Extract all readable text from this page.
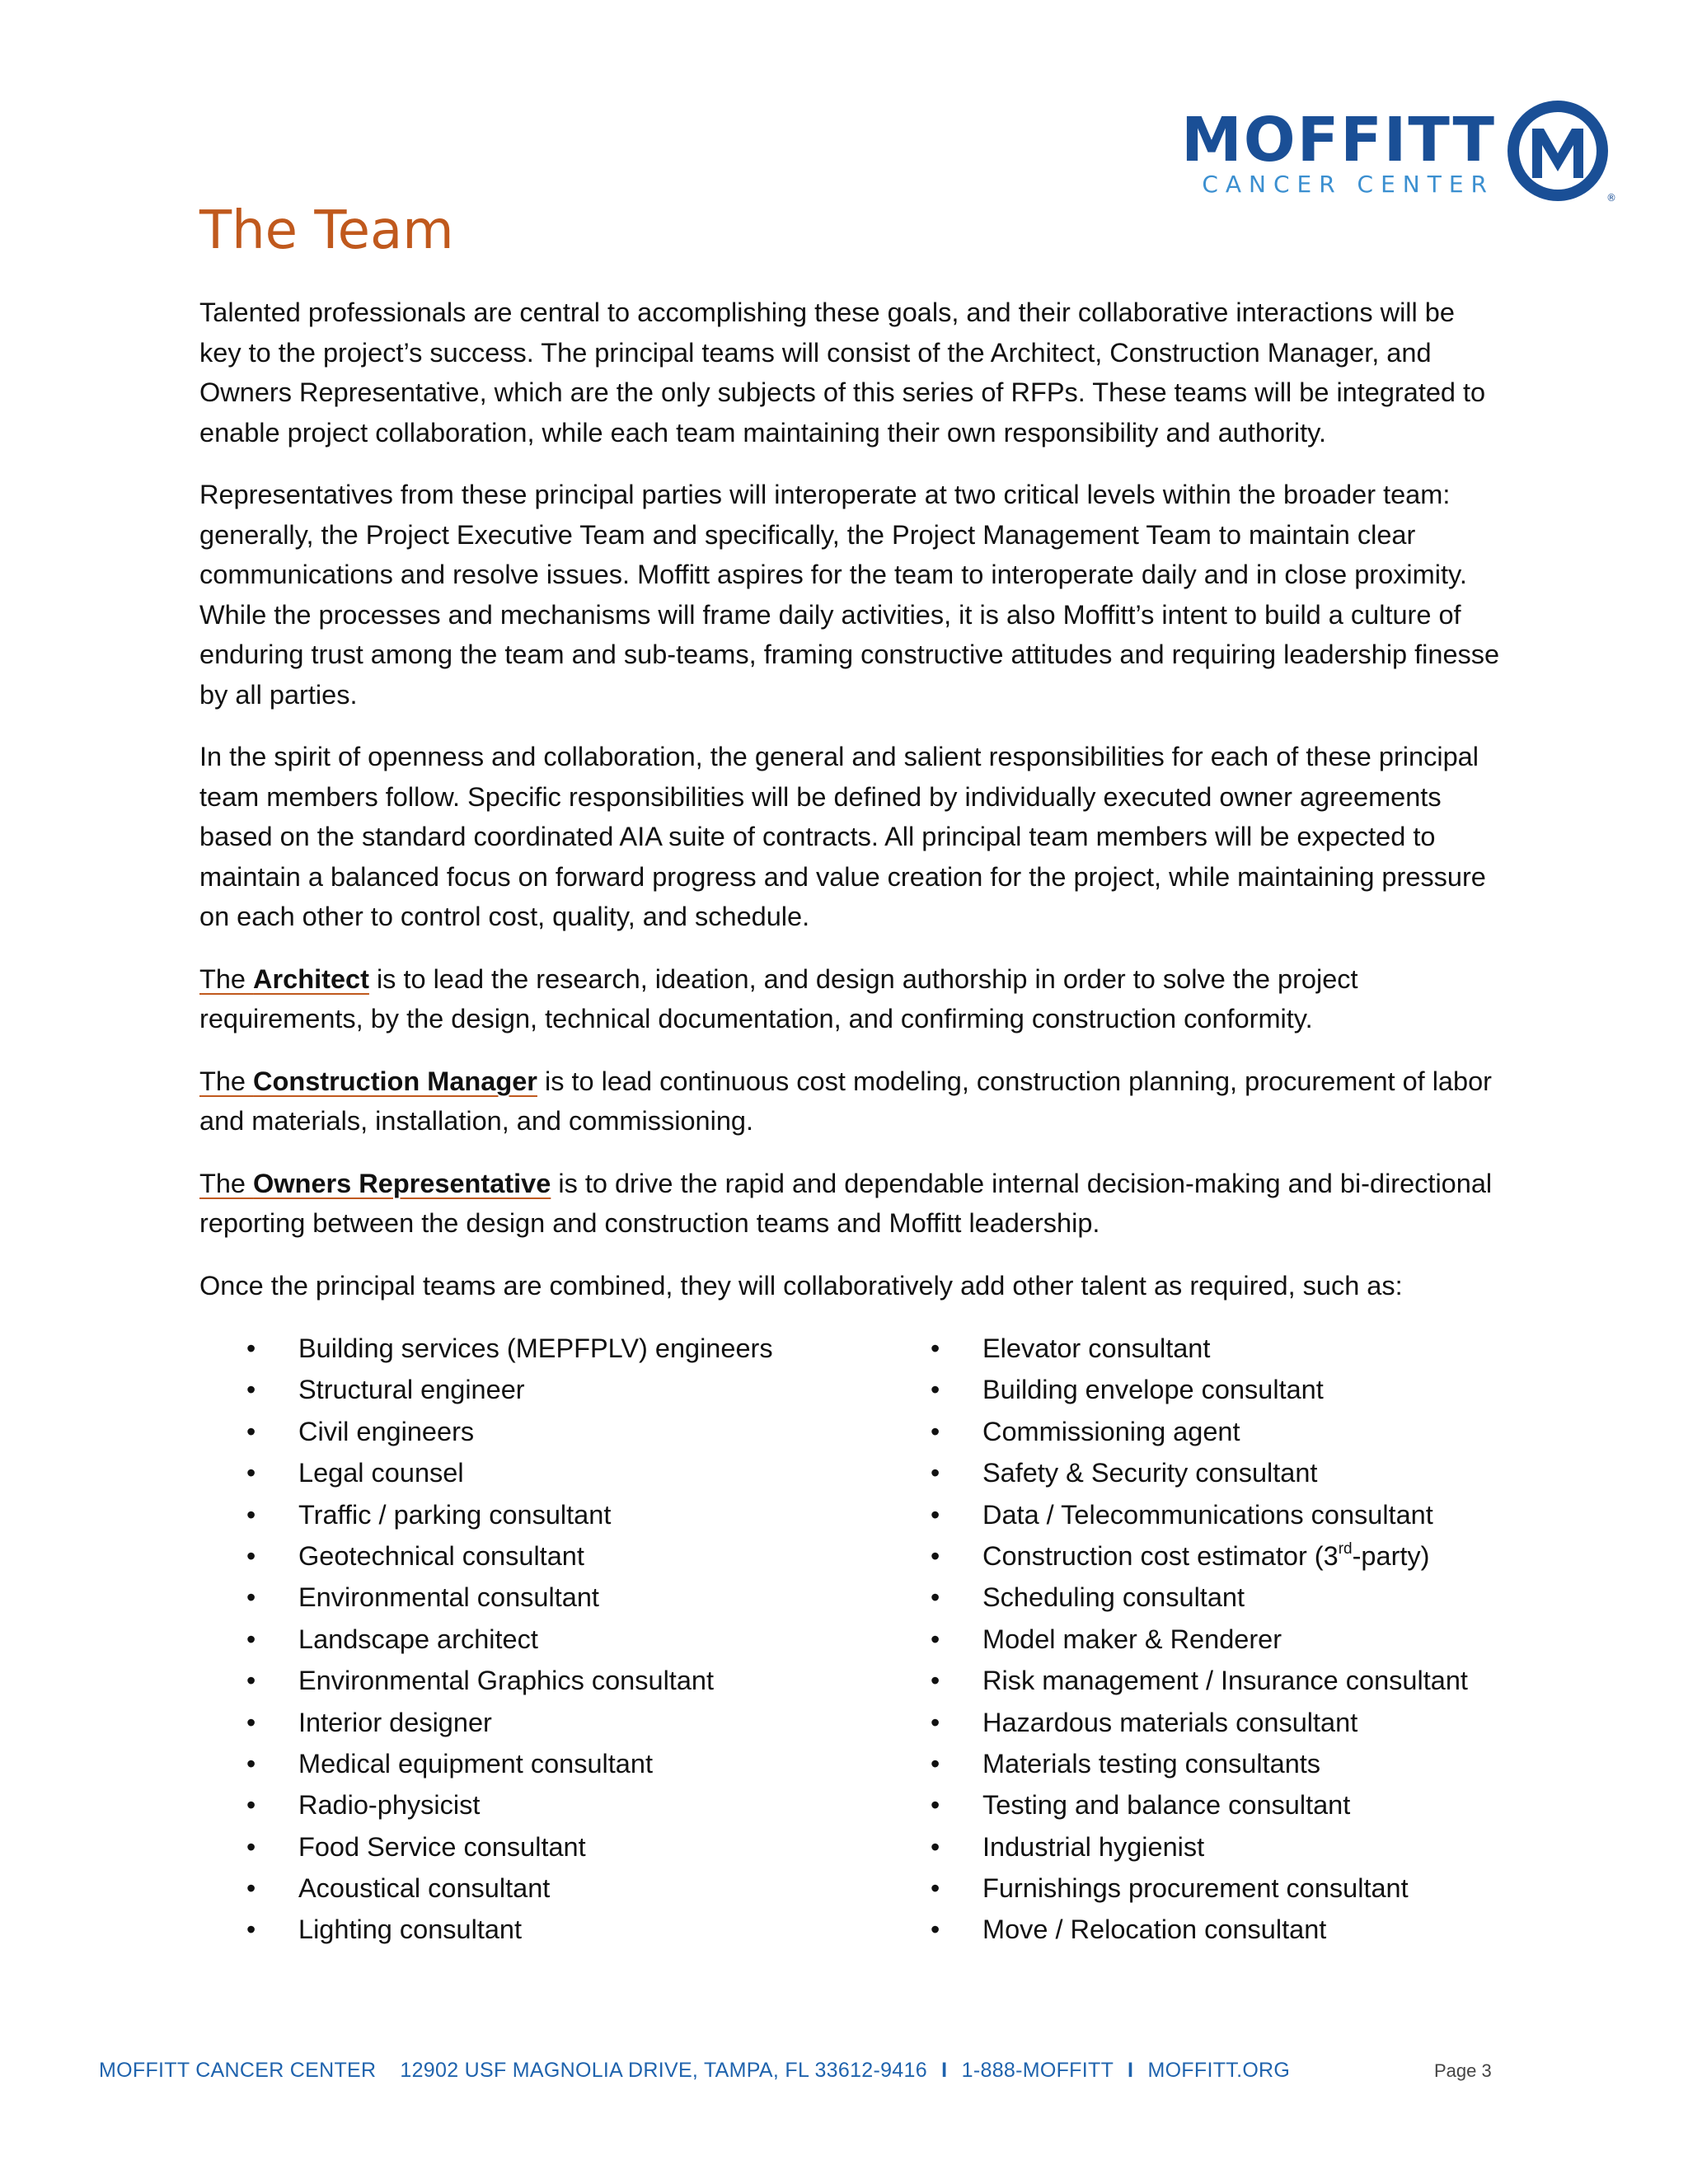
MOFFITT
CANCER CENTER	®
The Team

Talented professionals are central to accomplishing these goals, and their collaborative interactions will be key to the project’s success. The principal teams will consist of the Architect, Construction Manager, and Owners Representative, which are the only subjects of this series of RFPs. These teams will be integrated to enable project collaboration, while each team maintaining their own responsibility and authority.

Representatives from these principal parties will interoperate at two critical levels within the broader team: generally, the Project Executive Team and specifically, the Project Management Team to maintain clear communications and resolve issues. Moffitt aspires for the team to interoperate daily and in close proximity. While the processes and mechanisms will frame daily activities, it is also Moffitt’s intent to build a culture of enduring trust among the team and sub-teams, framing constructive attitudes and requiring leadership finesse by all parties.

In the spirit of openness and collaboration, the general and salient responsibilities for each of these principal team members follow. Specific responsibilities will be defined by individually executed owner agreements based on the standard coordinated AIA suite of contracts. All principal team members will be expected to maintain a balanced focus on forward progress and value creation for the project, while maintaining pressure on each other to control cost, quality, and schedule.

The Architect is to lead the research, ideation, and design authorship in order to solve the project requirements, by the design, technical documentation, and confirming construction conformity.

The Construction Manager is to lead continuous cost modeling, construction planning, procurement of labor and materials, installation, and commissioning.

The Owners Representative is to drive the rapid and dependable internal decision-making and bi-directional reporting between the design and construction teams and Moffitt leadership.

Once the principal teams are combined, they will collaboratively add other talent as required, such as:

• Building services (MEPFPLV) engineers
• Structural engineer
• Civil engineers
• Legal counsel
• Traffic / parking consultant
• Geotechnical consultant
• Environmental consultant
• Landscape architect
• Environmental Graphics consultant
• Interior designer
• Medical equipment consultant
• Radio-physicist
• Food Service consultant
• Acoustical consultant
• Lighting consultant
• Elevator consultant
• Building envelope consultant
• Commissioning agent
• Safety & Security consultant
• Data / Telecommunications consultant
• Construction cost estimator (3rd-party)
• Scheduling consultant
• Model maker & Renderer
• Risk management / Insurance consultant
• Hazardous materials consultant
• Materials testing consultants
• Testing and balance consultant
• Industrial hygienist
• Furnishings procurement consultant
• Move / Relocation consultant
MOFFITT CANCER CENTER 12902 USF MAGNOLIA DRIVE, TAMPA, FL 33612-9416 I 1-888-MOFFITT I MOFFITT.ORG	Page 3
